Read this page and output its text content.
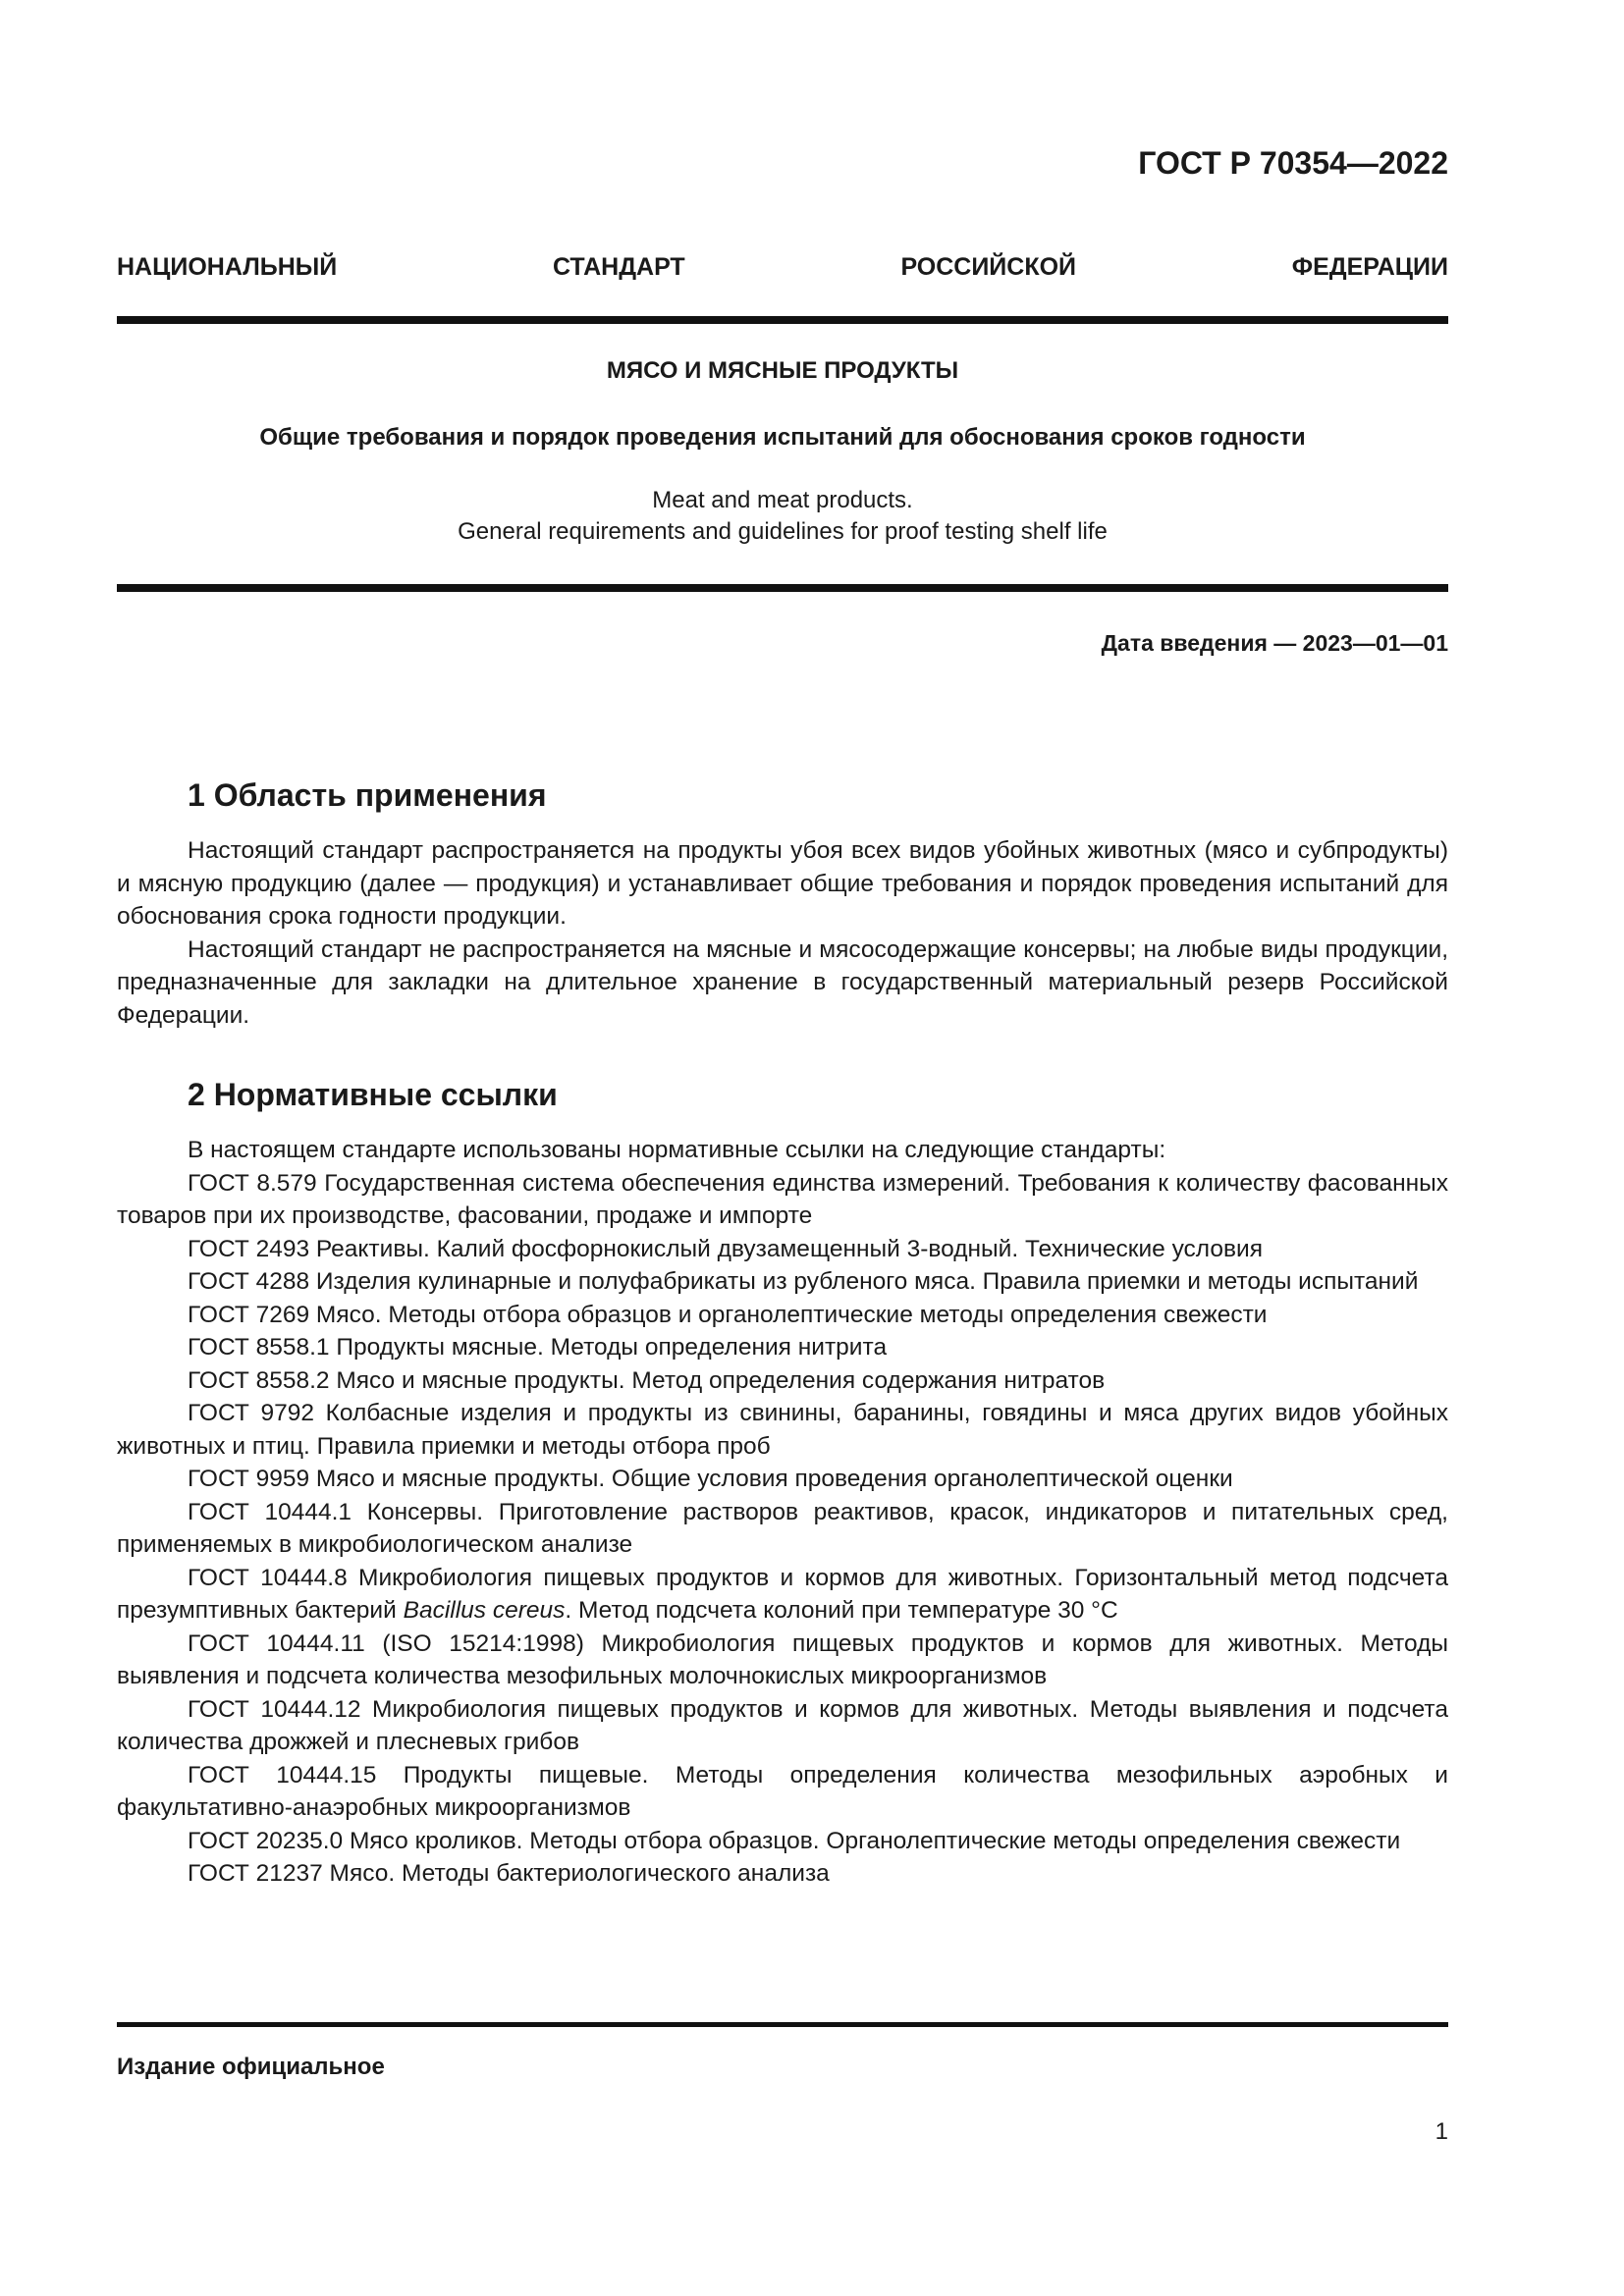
ГОСТ Р 70354—2022
НАЦИОНАЛЬНЫЙ СТАНДАРТ РОССИЙСКОЙ ФЕДЕРАЦИИ
МЯСО И МЯСНЫЕ ПРОДУКТЫ
Общие требования и порядок проведения испытаний для обоснования сроков годности
Meat and meat products.
General requirements and guidelines for proof testing shelf life
Дата введения — 2023—01—01
1 Область применения

Настоящий стандарт распространяется на продукты убоя всех видов убойных животных (мясо и субпродукты) и мясную продукцию (далее — продукция) и устанавливает общие требования и порядок проведения испытаний для обоснования срока годности продукции.

Настоящий стандарт не распространяется на мясные и мясосодержащие консервы; на любые виды продукции, предназначенные для закладки на длительное хранение в государственный материальный резерв Российской Федерации.

2 Нормативные ссылки

В настоящем стандарте использованы нормативные ссылки на следующие стандарты:

ГОСТ 8.579 Государственная система обеспечения единства измерений. Требования к количеству фасованных товаров при их производстве, фасовании, продаже и импорте

ГОСТ 2493 Реактивы. Калий фосфорнокислый двузамещенный 3-водный. Технические условия

ГОСТ 4288 Изделия кулинарные и полуфабрикаты из рубленого мяса. Правила приемки и методы испытаний

ГОСТ 7269 Мясо. Методы отбора образцов и органолептические методы определения свежести

ГОСТ 8558.1 Продукты мясные. Методы определения нитрита

ГОСТ 8558.2 Мясо и мясные продукты. Метод определения содержания нитратов

ГОСТ 9792 Колбасные изделия и продукты из свинины, баранины, говядины и мяса других видов убойных животных и птиц. Правила приемки и методы отбора проб

ГОСТ 9959 Мясо и мясные продукты. Общие условия проведения органолептической оценки

ГОСТ 10444.1 Консервы. Приготовление растворов реактивов, красок, индикаторов и питательных сред, применяемых в микробиологическом анализе

ГОСТ 10444.8 Микробиология пищевых продуктов и кормов для животных. Горизонтальный метод подсчета презумптивных бактерий Bacillus cereus. Метод подсчета колоний при температуре 30 °С

ГОСТ 10444.11 (ISO 15214:1998) Микробиология пищевых продуктов и кормов для животных. Методы выявления и подсчета количества мезофильных молочнокислых микроорганизмов

ГОСТ 10444.12 Микробиология пищевых продуктов и кормов для животных. Методы выявления и подсчета количества дрожжей и плесневых грибов

ГОСТ 10444.15 Продукты пищевые. Методы определения количества мезофильных аэробных и факультативно-анаэробных микроорганизмов

ГОСТ 20235.0 Мясо кроликов. Методы отбора образцов. Органолептические методы определения свежести

ГОСТ 21237 Мясо. Методы бактериологического анализа

Издание официальное
1
